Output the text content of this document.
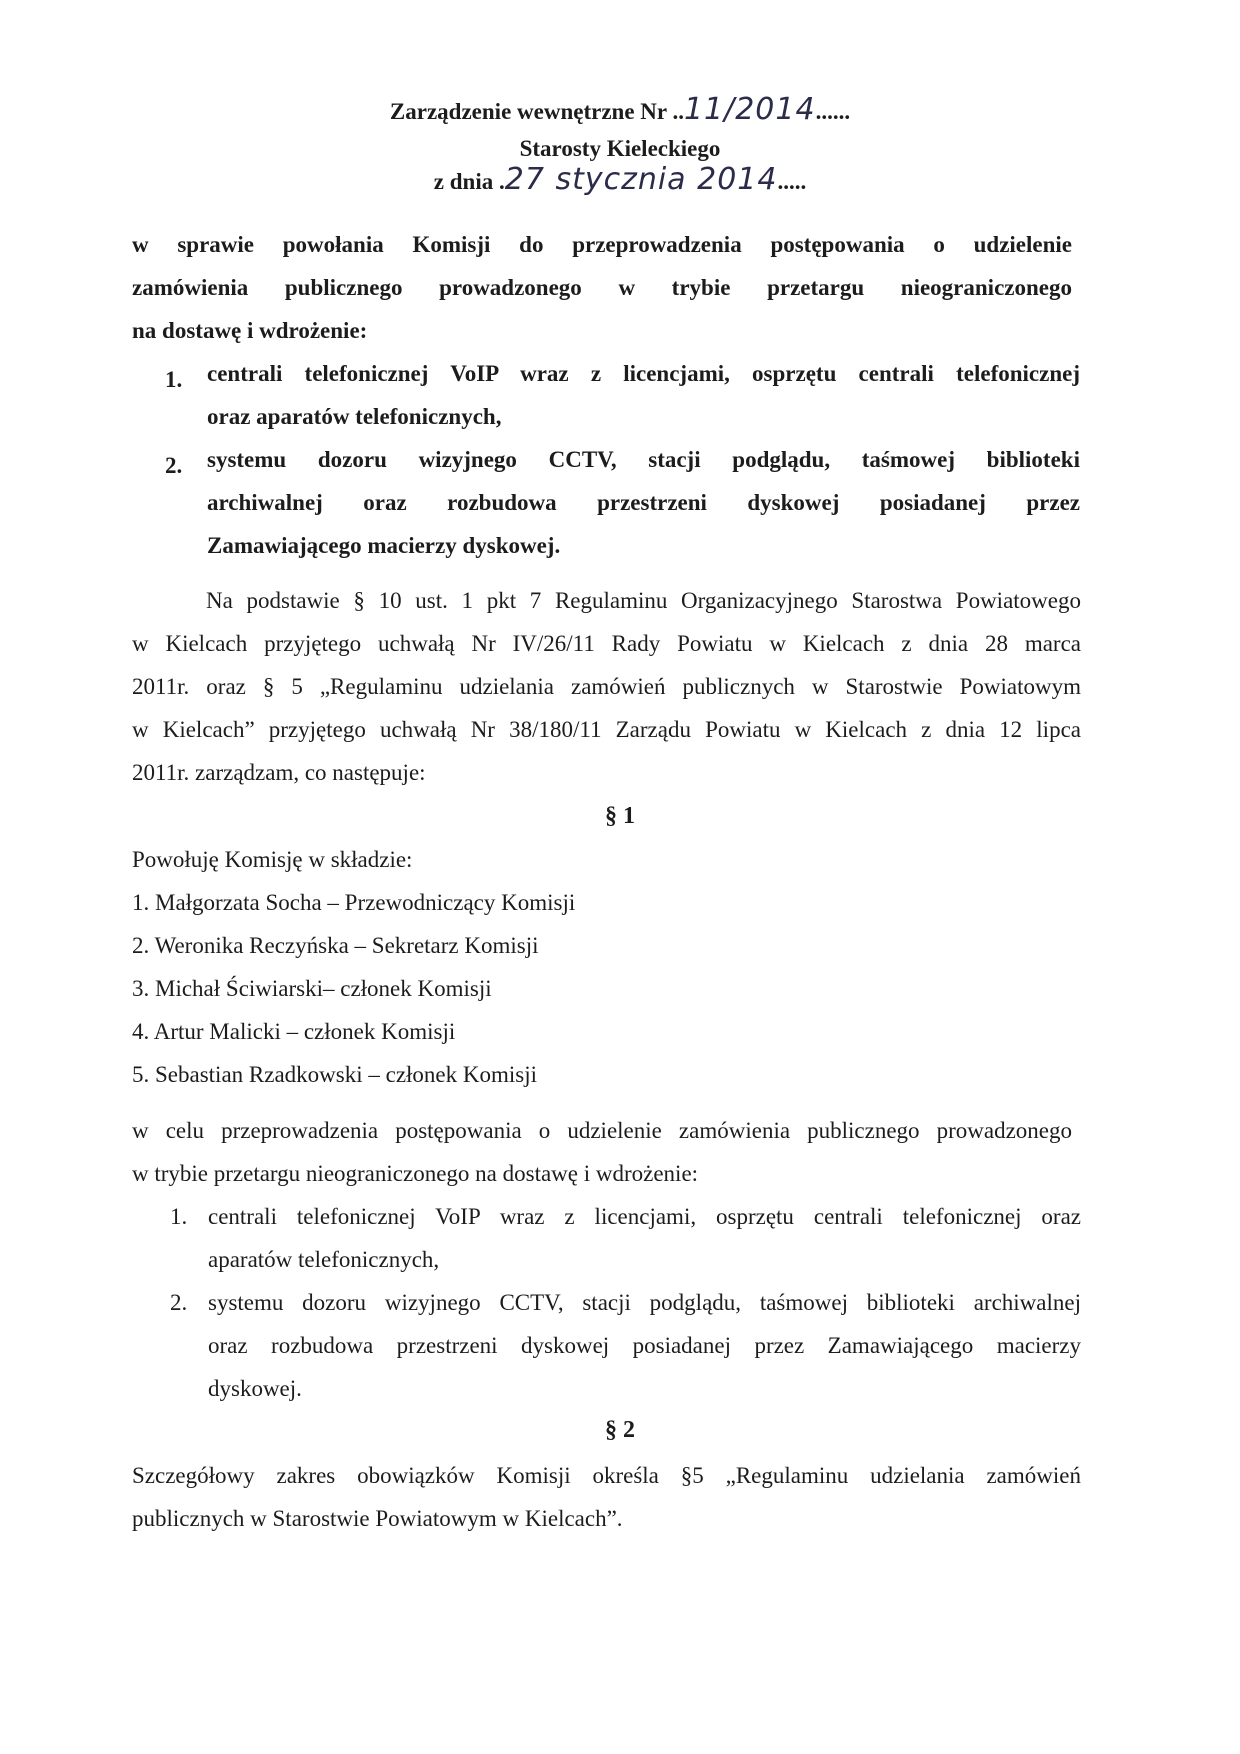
Zarządzenie wewnętrzne Nr ..11/2014......
Starosty Kieleckiego
z dnia .27 stycznia 2014.....
w sprawie powołania Komisji do przeprowadzenia postępowania o udzielenie
zamówienia publicznego prowadzonego w trybie przetargu nieograniczonego
na dostawę i wdrożenie:
1. centrali telefonicznej VoIP wraz z licencjami, osprzętu centrali telefonicznej
oraz aparatów telefonicznych,
2. systemu dozoru wizyjnego CCTV, stacji podglądu, taśmowej biblioteki
archiwalnej oraz rozbudowa przestrzeni dyskowej posiadanej przez
Zamawiającego macierzy dyskowej.
Na podstawie § 10 ust. 1 pkt 7 Regulaminu Organizacyjnego Starostwa Powiatowego
w Kielcach przyjętego uchwałą Nr IV/26/11 Rady Powiatu w Kielcach z dnia 28 marca
2011r. oraz § 5 „Regulaminu udzielania zamówień publicznych w Starostwie Powiatowym
w Kielcach” przyjętego uchwałą Nr 38/180/11 Zarządu Powiatu w Kielcach z dnia 12 lipca
2011r. zarządzam, co następuje:
§ 1
Powołuję Komisję w składzie:
1. Małgorzata Socha – Przewodniczący Komisji
2. Weronika Reczyńska – Sekretarz Komisji
3. Michał Ściwiarski– członek Komisji
4. Artur Malicki – członek Komisji
5. Sebastian Rzadkowski – członek Komisji
w celu przeprowadzenia postępowania o udzielenie zamówienia publicznego prowadzonego
w trybie przetargu nieograniczonego na dostawę i wdrożenie:
1. centrali telefonicznej VoIP wraz z licencjami, osprzętu centrali telefonicznej oraz
aparatów telefonicznych,
2. systemu dozoru wizyjnego CCTV, stacji podglądu, taśmowej biblioteki archiwalnej
oraz rozbudowa przestrzeni dyskowej posiadanej przez Zamawiającego macierzy
dyskowej.
§ 2
Szczegółowy zakres obowiązków Komisji określa §5 „Regulaminu udzielania zamówień
publicznych w Starostwie Powiatowym w Kielcach”.
